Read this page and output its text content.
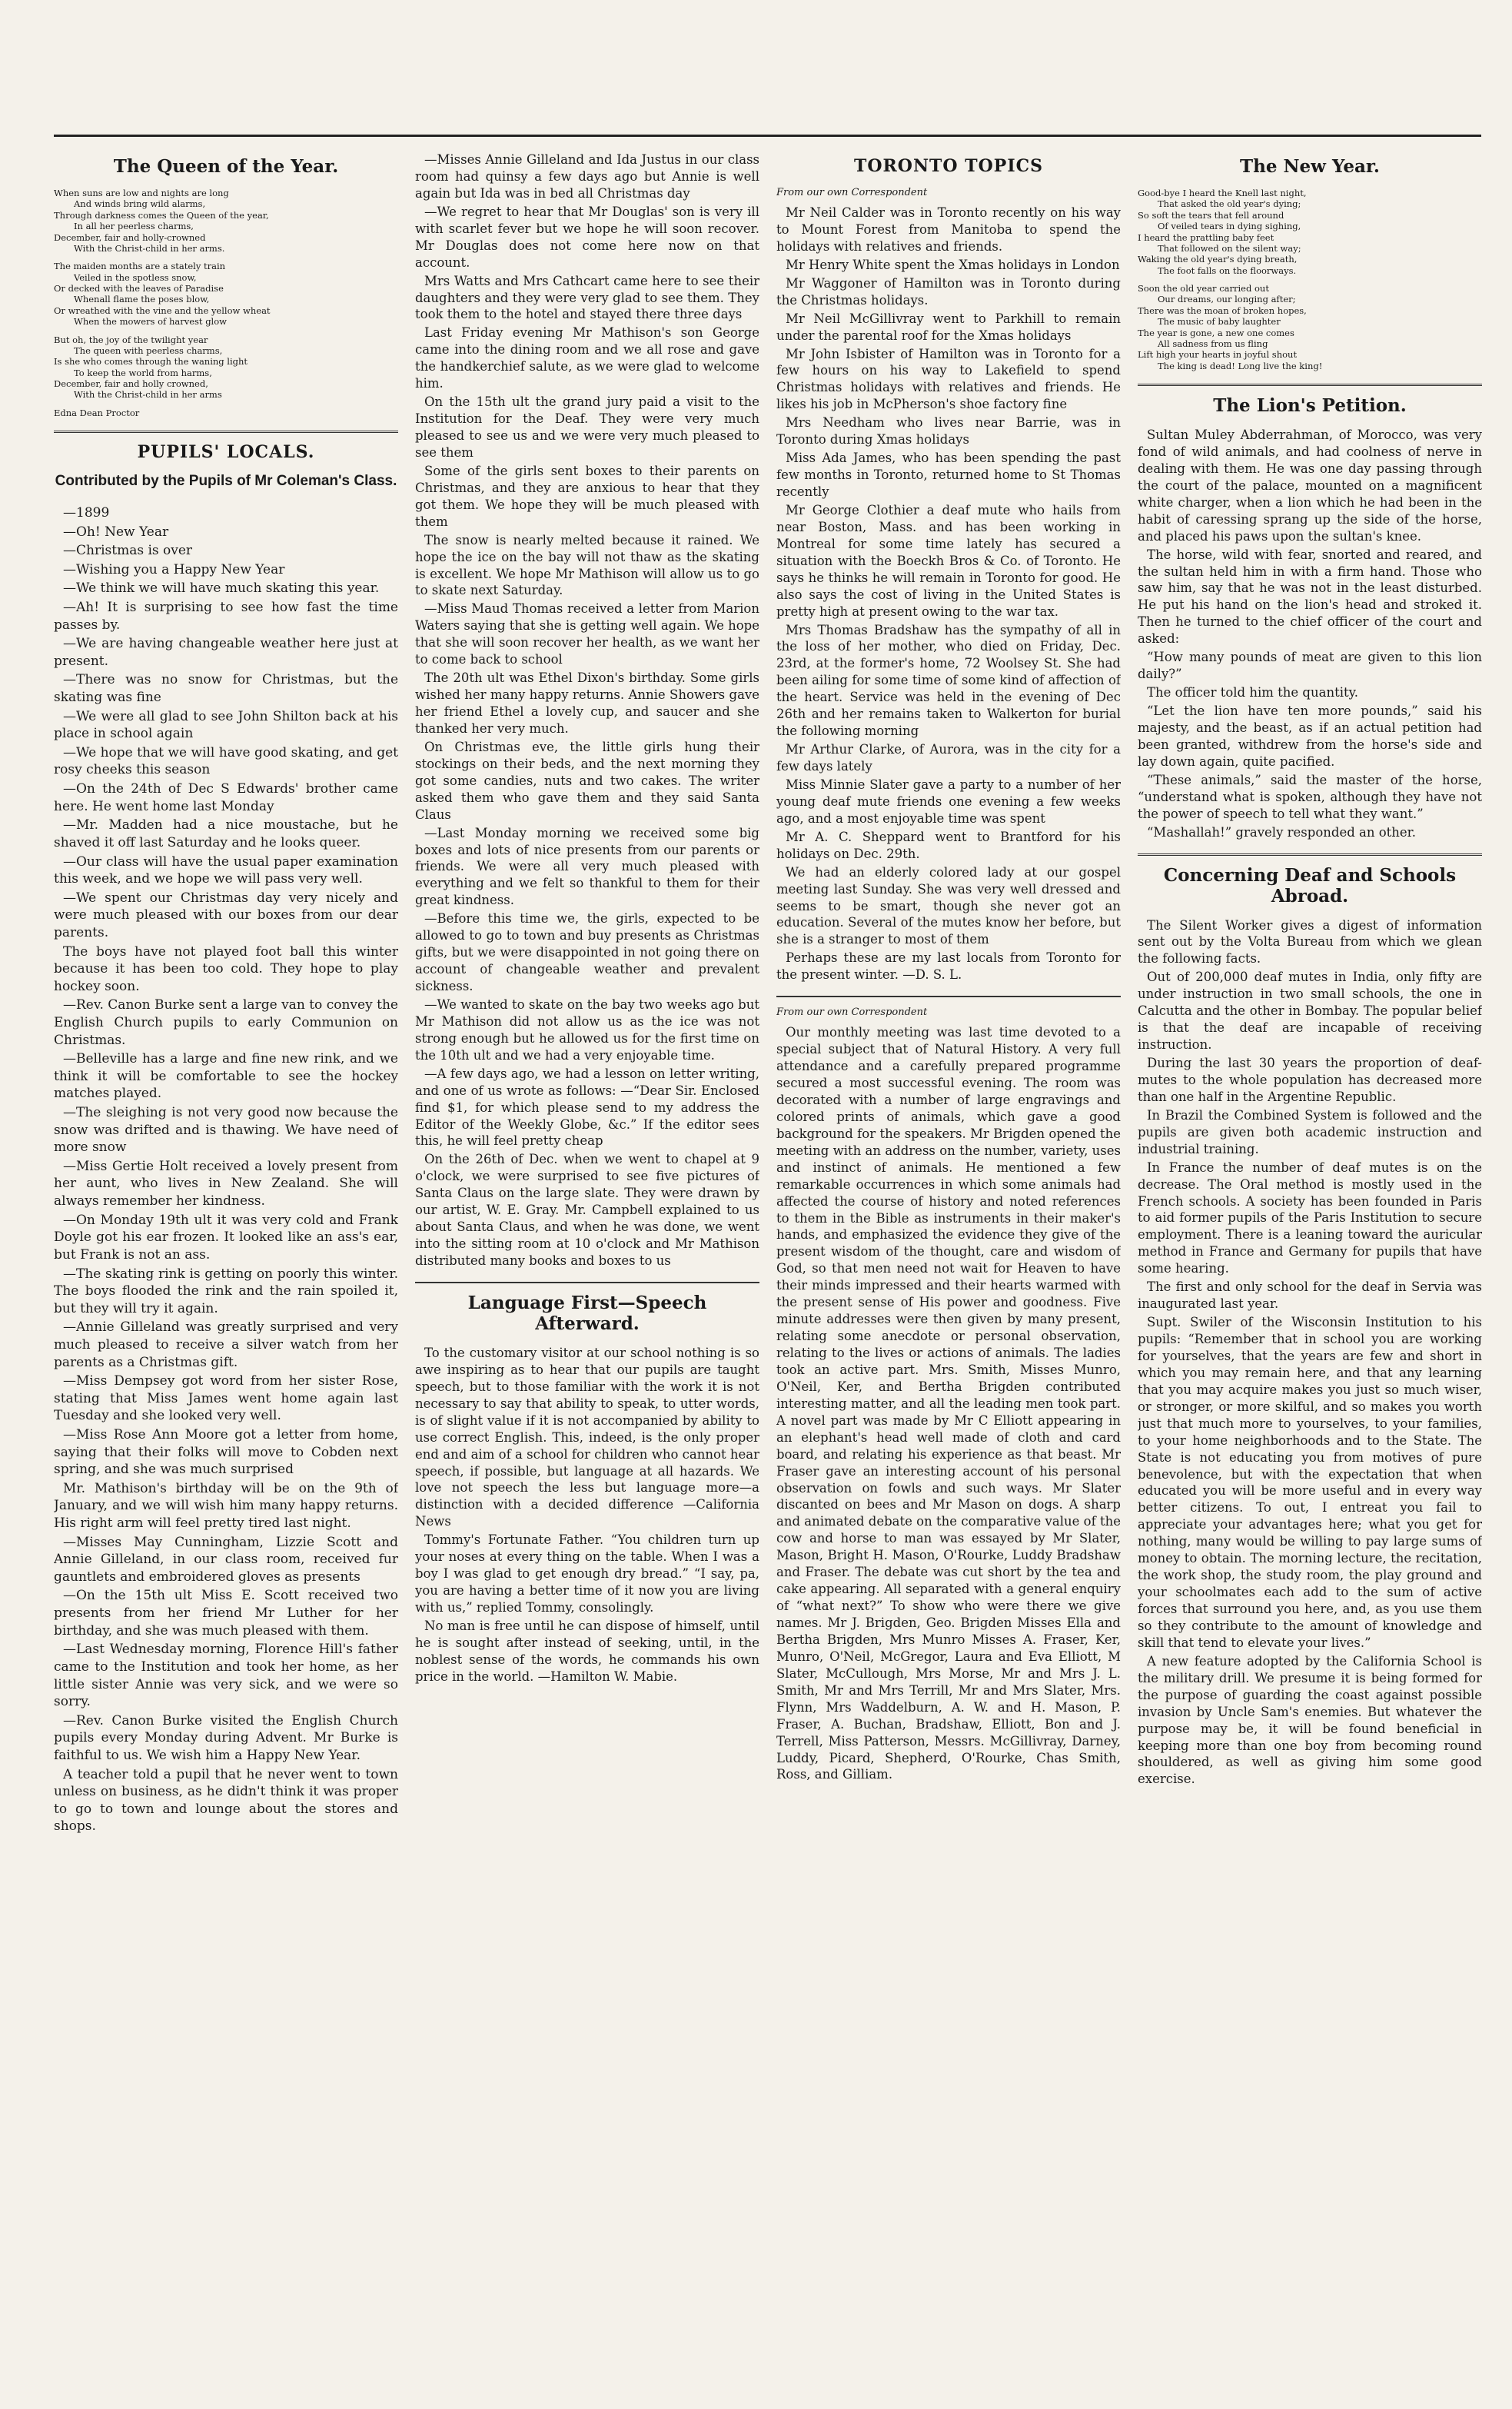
The Queen of the Year.
When suns are low and nights are long
And winds bring wild alarms,
Through darkness comes the Queen of the year,
In all her peerless charms,
December, fair and holly-crowned
With the Christ-child in her arms.
The maiden months are a stately train
Veiled in the spotless snow,
Or decked with the leaves of Paradise
Whenall flame the poses blow,
Or wreathed with the vine and the yellow wheat
When the mowers of harvest glow
But oh, the joy of the twilight year
The queen with peerless charms,
Is she who comes through the waning light
To keep the world from harms,
December, fair and holly crowned,
With the Christ-child in her arms
Edna Dean Proctor
PUPILS' LOCALS.
Contributed by the Pupils of Mr Coleman's Class.

—1899

—Oh! New Year

—Christmas is over

—Wishing you a Happy New Year

—We think we will have much skating this year.

—Ah! It is surprising to see how fast the time passes by.

—We are having changeable weather here just at present.

—There was no snow for Christmas, but the skating was fine

—We were all glad to see John Shilton back at his place in school again

—We hope that we will have good skating, and get rosy cheeks this season

—On the 24th of Dec S Edwards' brother came here. He went home last Monday

—Mr. Madden had a nice moustache, but he shaved it off last Saturday and he looks queer.

—Our class will have the usual paper examination this week, and we hope we will pass very well.

—We spent our Christmas day very nicely and were much pleased with our boxes from our dear parents.

The boys have not played foot ball this winter because it has been too cold. They hope to play hockey soon.

—Rev. Canon Burke sent a large van to convey the English Church pupils to early Communion on Christmas.

—Belleville has a large and fine new rink, and we think it will be comfortable to see the hockey matches played.

—The sleighing is not very good now because the snow was drifted and is thawing. We have need of more snow

—Miss Gertie Holt received a lovely present from her aunt, who lives in New Zealand. She will always remember her kindness.

—On Monday 19th ult it was very cold and Frank Doyle got his ear frozen. It looked like an ass's ear, but Frank is not an ass.

—The skating rink is getting on poorly this winter. The boys flooded the rink and the rain spoiled it, but they will try it again.

—Annie Gilleland was greatly surprised and very much pleased to receive a silver watch from her parents as a Christmas gift.

—Miss Dempsey got word from her sister Rose, stating that Miss James went home again last Tuesday and she looked very well.

—Miss Rose Ann Moore got a letter from home, saying that their folks will move to Cobden next spring, and she was much surprised

Mr. Mathison's birthday will be on the 9th of January, and we will wish him many happy returns. His right arm will feel pretty tired last night.

—Misses May Cunningham, Lizzie Scott and Annie Gilleland, in our class room, received fur gauntlets and embroidered gloves as presents

—On the 15th ult Miss E. Scott received two presents from her friend Mr Luther for her birthday, and she was much pleased with them.

—Last Wednesday morning, Florence Hill's father came to the Institution and took her home, as her little sister Annie was very sick, and we were so sorry.

—Rev. Canon Burke visited the English Church pupils every Monday during Advent. Mr Burke is faithful to us. We wish him a Happy New Year.

A teacher told a pupil that he never went to town unless on business, as he didn't think it was proper to go to town and lounge about the stores and shops.

—Misses Annie Gilleland and Ida Justus in our class room had quinsy a few days ago but Annie is well again but Ida was in bed all Christmas day

—We regret to hear that Mr Douglas' son is very ill with scarlet fever but we hope he will soon recover. Mr Douglas does not come here now on that account.

Mrs Watts and Mrs Cathcart came here to see their daughters and they were very glad to see them. They took them to the hotel and stayed there three days

Last Friday evening Mr Mathison's son George came into the dining room and we all rose and gave the handkerchief salute, as we were glad to welcome him.

On the 15th ult the grand jury paid a visit to the Institution for the Deaf. They were very much pleased to see us and we were very much pleased to see them

Some of the girls sent boxes to their parents on Christmas, and they are anxious to hear that they got them. We hope they will be much pleased with them

The snow is nearly melted because it rained. We hope the ice on the bay will not thaw as the skating is excellent. We hope Mr Mathison will allow us to go to skate next Saturday.

—Miss Maud Thomas received a letter from Marion Waters saying that she is getting well again. We hope that she will soon recover her health, as we want her to come back to school

The 20th ult was Ethel Dixon's birthday. Some girls wished her many happy returns. Annie Showers gave her friend Ethel a lovely cup, and saucer and she thanked her very much.

On Christmas eve, the little girls hung their stockings on their beds, and the next morning they got some candies, nuts and two cakes. The writer asked them who gave them and they said Santa Claus

—Last Monday morning we received some big boxes and lots of nice presents from our parents or friends. We were all very much pleased with everything and we felt so thankful to them for their great kindness.

—Before this time we, the girls, expected to be allowed to go to town and buy presents as Christmas gifts, but we were disappointed in not going there on account of changeable weather and prevalent sickness.

—We wanted to skate on the bay two weeks ago but Mr Mathison did not allow us as the ice was not strong enough but he allowed us for the first time on the 10th ult and we had a very enjoyable time.

—A few days ago, we had a lesson on letter writing, and one of us wrote as follows: —“Dear Sir. Enclosed find $1, for which please send to my address the Editor of the Weekly Globe, &c.” If the editor sees this, he will feel pretty cheap

On the 26th of Dec. when we went to chapel at 9 o'clock, we were surprised to see five pictures of Santa Claus on the large slate. They were drawn by our artist, W. E. Gray. Mr. Campbell explained to us about Santa Claus, and when he was done, we went into the sitting room at 10 o'clock and Mr Mathison distributed many books and boxes to us

Language First—Speech Afterward.

To the customary visitor at our school nothing is so awe inspiring as to hear that our pupils are taught speech, but to those familiar with the work it is not necessary to say that ability to speak, to utter words, is of slight value if it is not accompanied by ability to use correct English. This, indeed, is the only proper end and aim of a school for children who cannot hear speech, if possible, but language at all hazards. We love not speech the less but language more—a distinction with a decided difference —California News

Tommy's Fortunate Father. “You children turn up your noses at every thing on the table. When I was a boy I was glad to get enough dry bread.” “I say, pa, you are having a better time of it now you are living with us,” replied Tommy, consolingly.

No man is free until he can dispose of himself, until he is sought after instead of seeking, until, in the noblest sense of the words, he commands his own price in the world. —Hamilton W. Mabie.

TORONTO TOPICS
From our own Correspondent

Mr Neil Calder was in Toronto recently on his way to Mount Forest from Manitoba to spend the holidays with relatives and friends.

Mr Henry White spent the Xmas holidays in London

Mr Waggoner of Hamilton was in Toronto during the Christmas holidays.

Mr Neil McGillivray went to Parkhill to remain under the parental roof for the Xmas holidays

Mr John Isbister of Hamilton was in Toronto for a few hours on his way to Lakefield to spend Christmas holidays with relatives and friends. He likes his job in McPherson's shoe factory fine

Mrs Needham who lives near Barrie, was in Toronto during Xmas holidays

Miss Ada James, who has been spending the past few months in Toronto, returned home to St Thomas recently

Mr George Clothier a deaf mute who hails from near Boston, Mass. and has been working in Montreal for some time lately has secured a situation with the Boeckh Bros & Co. of Toronto. He says he thinks he will remain in Toronto for good. He also says the cost of living in the United States is pretty high at present owing to the war tax.

Mrs Thomas Bradshaw has the sympathy of all in the loss of her mother, who died on Friday, Dec. 23rd, at the former's home, 72 Woolsey St. She had been ailing for some time of some kind of affection of the heart. Service was held in the evening of Dec 26th and her remains taken to Walkerton for burial the following morning

Mr Arthur Clarke, of Aurora, was in the city for a few days lately

Miss Minnie Slater gave a party to a number of her young deaf mute friends one evening a few weeks ago, and a most enjoyable time was spent

Mr A. C. Sheppard went to Brantford for his holidays on Dec. 29th.

We had an elderly colored lady at our gospel meeting last Sunday. She was very well dressed and seems to be smart, though she never got an education. Several of the mutes know her before, but she is a stranger to most of them

Perhaps these are my last locals from Toronto for the present winter. —D. S. L.

From our own Correspondent

Our monthly meeting was last time devoted to a special subject that of Natural History. A very full attendance and a carefully prepared programme secured a most successful evening. The room was decorated with a number of large engravings and colored prints of animals, which gave a good background for the speakers. Mr Brigden opened the meeting with an address on the number, variety, uses and instinct of animals. He mentioned a few remarkable occurrences in which some animals had affected the course of history and noted references to them in the Bible as instruments in their maker's hands, and emphasized the evidence they give of the present wisdom of the thought, care and wisdom of God, so that men need not wait for Heaven to have their minds impressed and their hearts warmed with the present sense of His power and goodness. Five minute addresses were then given by many present, relating some anecdote or personal observation, relating to the lives or actions of animals. The ladies took an active part. Mrs. Smith, Misses Munro, O'Neil, Ker, and Bertha Brigden contributed interesting matter, and all the leading men took part. A novel part was made by Mr C Elliott appearing in an elephant's head well made of cloth and card board, and relating his experience as that beast. Mr Fraser gave an interesting account of his personal observation on fowls and such ways. Mr Slater discanted on bees and Mr Mason on dogs. A sharp and animated debate on the comparative value of the cow and horse to man was essayed by Mr Slater, Mason, Bright H. Mason, O'Rourke, Luddy Bradshaw and Fraser. The debate was cut short by the tea and cake appearing. All separated with a general enquiry of “what next?” To show who were there we give names. Mr J. Brigden, Geo. Brigden Misses Ella and Bertha Brigden, Mrs Munro Misses A. Fraser, Ker, Munro, O'Neil, McGregor, Laura and Eva Elliott, M Slater, McCullough, Mrs Morse, Mr and Mrs J. L. Smith, Mr and Mrs Terrill, Mr and Mrs Slater, Mrs. Flynn, Mrs Waddelburn, A. W. and H. Mason, P. Fraser, A. Buchan, Bradshaw, Elliott, Bon and J. Terrell, Miss Patterson, Messrs. McGillivray, Darney, Luddy, Picard, Shepherd, O'Rourke, Chas Smith, Ross, and Gilliam.

The New Year.
Good-bye I heard the Knell last night,
That asked the old year's dying;
So soft the tears that fell around
Of veiled tears in dying sighing,
I heard the prattling baby feet
That followed on the silent way;
Waking the old year's dying breath,
The foot falls on the floorways.
Soon the old year carried out
Our dreams, our longing after;
There was the moan of broken hopes,
The music of baby laughter
The year is gone, a new one comes
All sadness from us fling
Lift high your hearts in joyful shout
The king is dead! Long live the king!
The Lion's Petition.

Sultan Muley Abderrahman, of Morocco, was very fond of wild animals, and had coolness of nerve in dealing with them. He was one day passing through the court of the palace, mounted on a magnificent white charger, when a lion which he had been in the habit of caressing sprang up the side of the horse, and placed his paws upon the sultan's knee.

The horse, wild with fear, snorted and reared, and the sultan held him in with a firm hand. Those who saw him, say that he was not in the least disturbed. He put his hand on the lion's head and stroked it. Then he turned to the chief officer of the court and asked:

“How many pounds of meat are given to this lion daily?”

The officer told him the quantity.

“Let the lion have ten more pounds,” said his majesty, and the beast, as if an actual petition had been granted, withdrew from the horse's side and lay down again, quite pacified.

“These animals,” said the master of the horse, “understand what is spoken, although they have not the power of speech to tell what they want.”

“Mashallah!” gravely responded an other.

Concerning Deaf and Schools Abroad.

The Silent Worker gives a digest of information sent out by the Volta Bureau from which we glean the following facts.

Out of 200,000 deaf mutes in India, only fifty are under instruction in two small schools, the one in Calcutta and the other in Bombay. The popular belief is that the deaf are incapable of receiving instruction.

During the last 30 years the proportion of deaf-mutes to the whole population has decreased more than one half in the Argentine Republic.

In Brazil the Combined System is followed and the pupils are given both academic instruction and industrial training.

In France the number of deaf mutes is on the decrease. The Oral method is mostly used in the French schools. A society has been founded in Paris to aid former pupils of the Paris Institution to secure employment. There is a leaning toward the auricular method in France and Germany for pupils that have some hearing.

The first and only school for the deaf in Servia was inaugurated last year.

Supt. Swiler of the Wisconsin Institution to his pupils: “Remember that in school you are working for yourselves, that the years are few and short in which you may remain here, and that any learning that you may acquire makes you just so much wiser, or stronger, or more skilful, and so makes you worth just that much more to yourselves, to your families, to your home neighborhoods and to the State. The State is not educating you from motives of pure benevolence, but with the expectation that when educated you will be more useful and in every way better citizens. To out, I entreat you fail to appreciate your advantages here; what you get for nothing, many would be willing to pay large sums of money to obtain. The morning lecture, the recitation, the work shop, the study room, the play ground and your schoolmates each add to the sum of active forces that surround you here, and, as you use them so they contribute to the amount of knowledge and skill that tend to elevate your lives.”

A new feature adopted by the California School is the military drill. We presume it is being formed for the purpose of guarding the coast against possible invasion by Uncle Sam's enemies. But whatever the purpose may be, it will be found beneficial in keeping more than one boy from becoming round shouldered, as well as giving him some good exercise.
